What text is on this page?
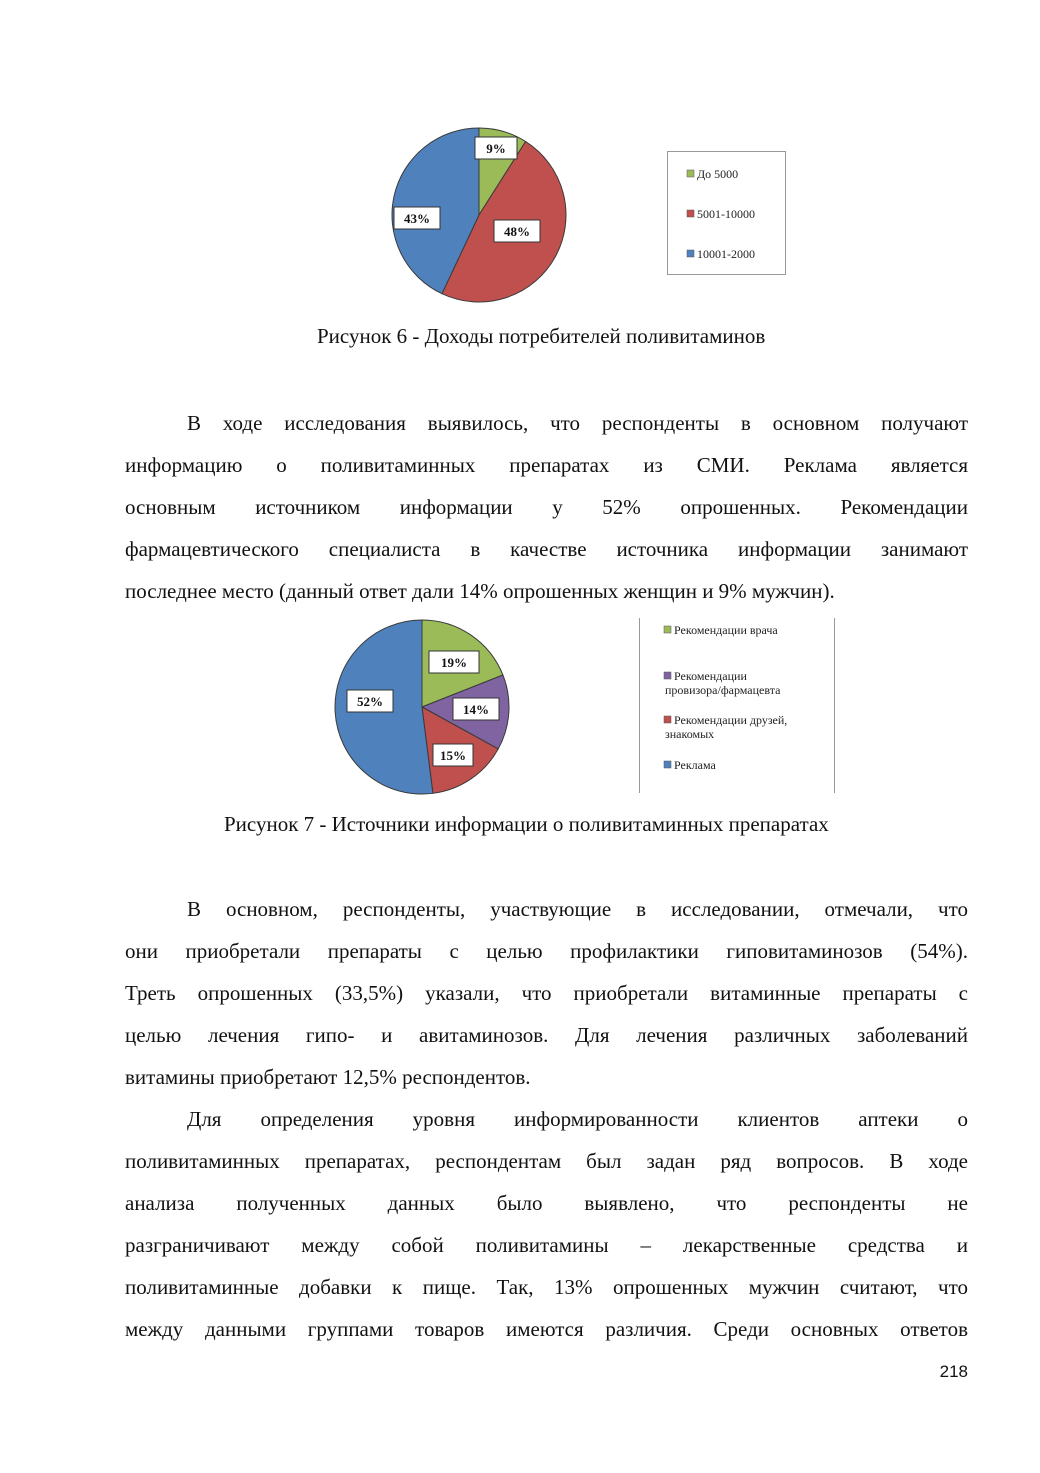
9%
48%
43%
До 5000
5001-10000
10001-2000
Рисунок 6 - Доходы потребителей поливитаминов
В ходе исследования выявилось, что респонденты в основном получают
информацию о поливитаминных препаратах из СМИ. Реклама является
основным источником информации у 52% опрошенных. Рекомендации
фармацевтического специалиста в качестве источника информации занимают
последнее место (данный ответ дали 14% опрошенных женщин и 9% мужчин).
19%
14%
15%
52%
Рекомендации врача
Рекомендации
провизора/фармацевта
Рекомендации друзей,
знакомых
Реклама
Рисунок 7 - Источники информации о поливитаминных препаратах
В основном, респонденты, участвующие в исследовании, отмечали, что
они приобретали препараты с целью профилактики гиповитаминозов (54%).
Треть опрошенных (33,5%) указали, что приобретали витаминные препараты с
целью лечения гипо- и авитаминозов. Для лечения различных заболеваний
витамины приобретают 12,5% респондентов.
Для определения уровня информированности клиентов аптеки о
поливитаминных препаратах, респондентам был задан ряд вопросов. В ходе
анализа полученных данных было выявлено, что респонденты не
разграничивают между собой поливитамины – лекарственные средства и
поливитаминные добавки к пище. Так, 13% опрошенных мужчин считают, что
между данными группами товаров имеются различия. Среди основных ответов
218
